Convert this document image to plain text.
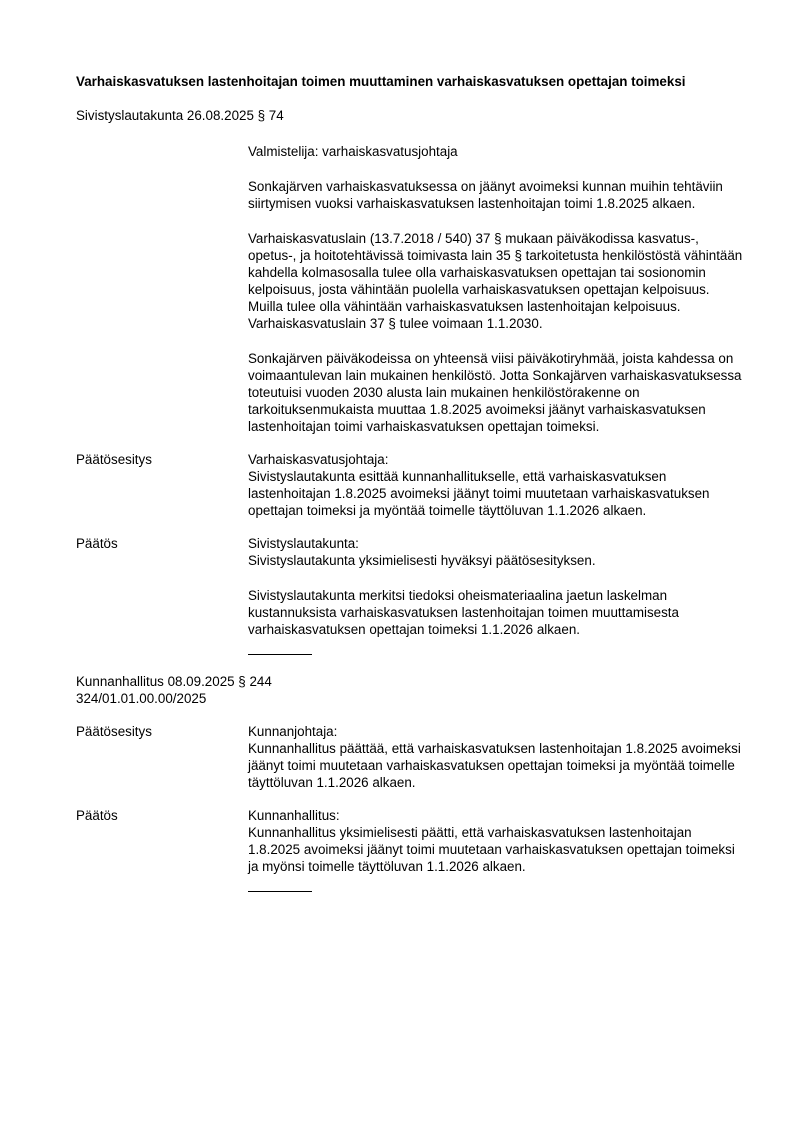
Varhaiskasvatuksen lastenhoitajan toimen muuttaminen varhaiskasvatuksen opettajan toimeksi

Sivistyslautakunta 26.08.2025 § 74

Valmistelija: varhaiskasvatusjohtaja

Sonkajärven varhaiskasvatuksessa on jäänyt avoimeksi kunnan muihin tehtäviin siirtymisen vuoksi varhaiskasvatuksen lastenhoitajan toimi 1.8.2025 alkaen.

Varhaiskasvatuslain (13.7.2018 / 540) 37 § mukaan päiväkodissa kasvatus-, opetus-, ja hoitotehtävissä toimivasta lain 35 § tarkoitetusta henkilöstöstä vähintään kahdella kolmasosalla tulee olla varhaiskasvatuksen opettajan tai sosionomin kelpoisuus, josta vähintään puolella varhaiskasvatuksen opettajan kelpoisuus. Muilla tulee olla vähintään varhaiskasvatuksen lastenhoitajan kelpoisuus. Varhaiskasvatuslain 37 § tulee voimaan 1.1.2030.

Sonkajärven päiväkodeissa on yhteensä viisi päiväkotiryhmää, joista kahdessa on voimaantulevan lain mukainen henkilöstö. Jotta Sonkajärven varhaiskasvatuksessa toteutuisi vuoden 2030 alusta lain mukainen henkilöstörakenne on tarkoituksenmukaista muuttaa 1.8.2025 avoimeksi jäänyt varhaiskasvatuksen lastenhoitajan toimi varhaiskasvatuksen opettajan toimeksi.

Päätösesitys	Varhaiskasvatusjohtaja:

Sivistyslautakunta esittää kunnanhallitukselle, että varhaiskasvatuksen lastenhoitajan 1.8.2025 avoimeksi jäänyt toimi muutetaan varhaiskasvatuksen opettajan toimeksi ja myöntää toimelle täyttöluvan 1.1.2026 alkaen.

Päätös	Sivistyslautakunta:

Sivistyslautakunta yksimielisesti hyväksyi päätösesityksen.

Sivistyslautakunta merkitsi tiedoksi oheismateriaalina jaetun laskelman kustannuksista varhaiskasvatuksen lastenhoitajan toimen muuttamisesta varhaiskasvatuksen opettajan toimeksi 1.1.2026 alkaen.

Kunnanhallitus 08.09.2025 § 244

324/01.01.00.00/2025

Päätösesitys	Kunnanjohtaja:

Kunnanhallitus päättää, että varhaiskasvatuksen lastenhoitajan 1.8.2025 avoimeksi jäänyt toimi muutetaan varhaiskasvatuksen opettajan toimeksi ja myöntää toimelle täyttöluvan 1.1.2026 alkaen.

Päätös	Kunnanhallitus:

Kunnanhallitus yksimielisesti päätti, että varhaiskasvatuksen lastenhoitajan 1.8.2025 avoimeksi jäänyt toimi muutetaan varhaiskasvatuksen opettajan toimeksi ja myönsi toimelle täyttöluvan 1.1.2026 alkaen.
